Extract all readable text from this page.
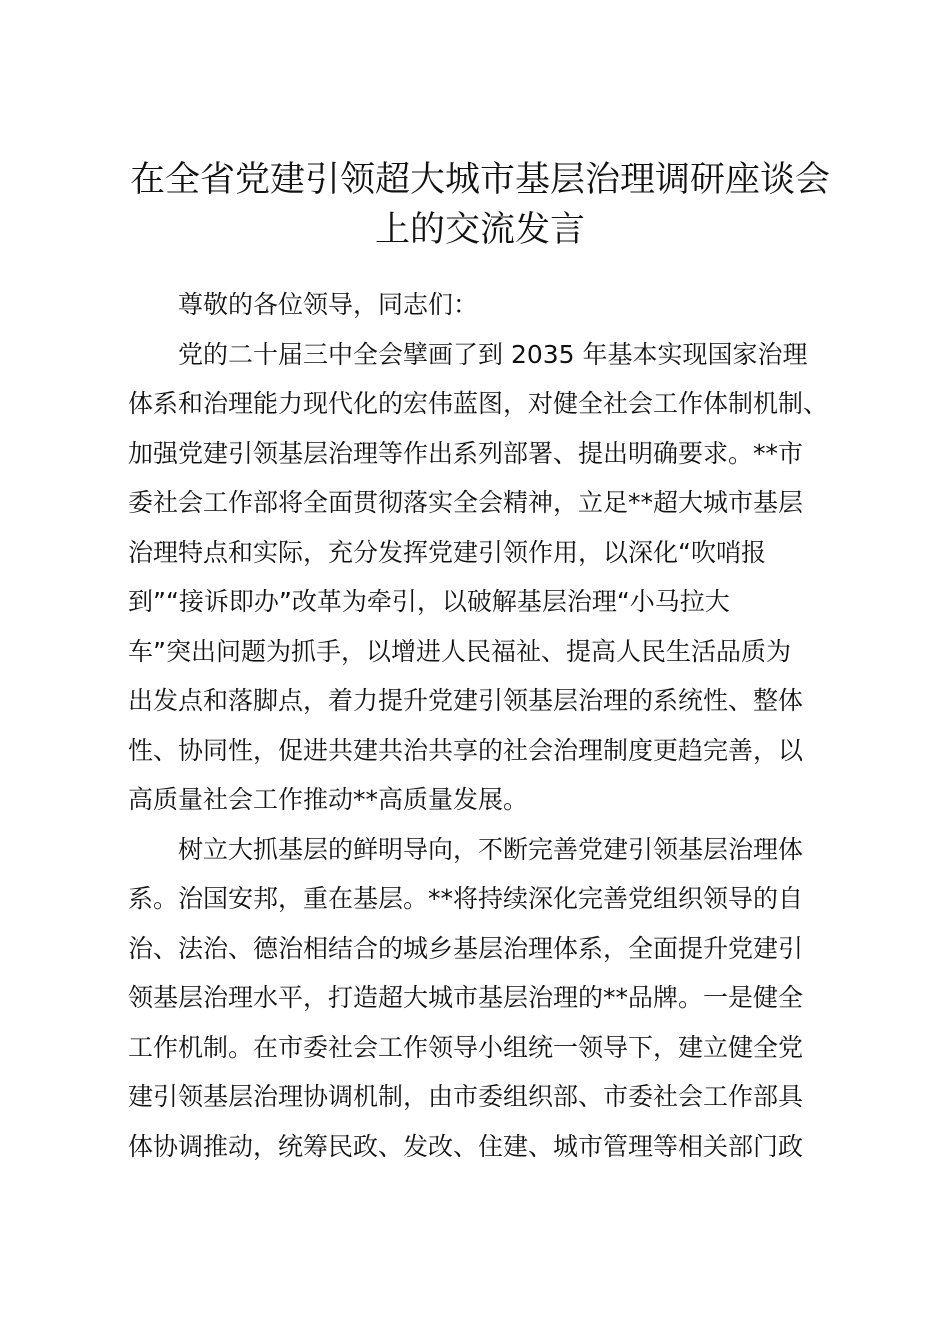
在全省党建引领超大城市基层治理调研座谈会
上的交流发言
尊敬的各位领导，同志们：
党的二十届三中全会擘画了到 2035 年基本实现国家治理
体系和治理能力现代化的宏伟蓝图，对健全社会工作体制机制、
加强党建引领基层治理等作出系列部署、提出明确要求。**市
委社会工作部将全面贯彻落实全会精神，立足**超大城市基层
治理特点和实际，充分发挥党建引领作用，以深化“吹哨报
到”“接诉即办”改革为牵引，以破解基层治理“小马拉大
车”突出问题为抓手，以增进人民福祉、提高人民生活品质为
出发点和落脚点，着力提升党建引领基层治理的系统性、整体
性、协同性，促进共建共治共享的社会治理制度更趋完善，以
高质量社会工作推动**高质量发展。
树立大抓基层的鲜明导向，不断完善党建引领基层治理体
系。治国安邦，重在基层。**将持续深化完善党组织领导的自
治、法治、德治相结合的城乡基层治理体系，全面提升党建引
领基层治理水平，打造超大城市基层治理的**品牌。一是健全
工作机制。在市委社会工作领导小组统一领导下，建立健全党
建引领基层治理协调机制，由市委组织部、市委社会工作部具
体协调推动，统筹民政、发改、住建、城市管理等相关部门政
